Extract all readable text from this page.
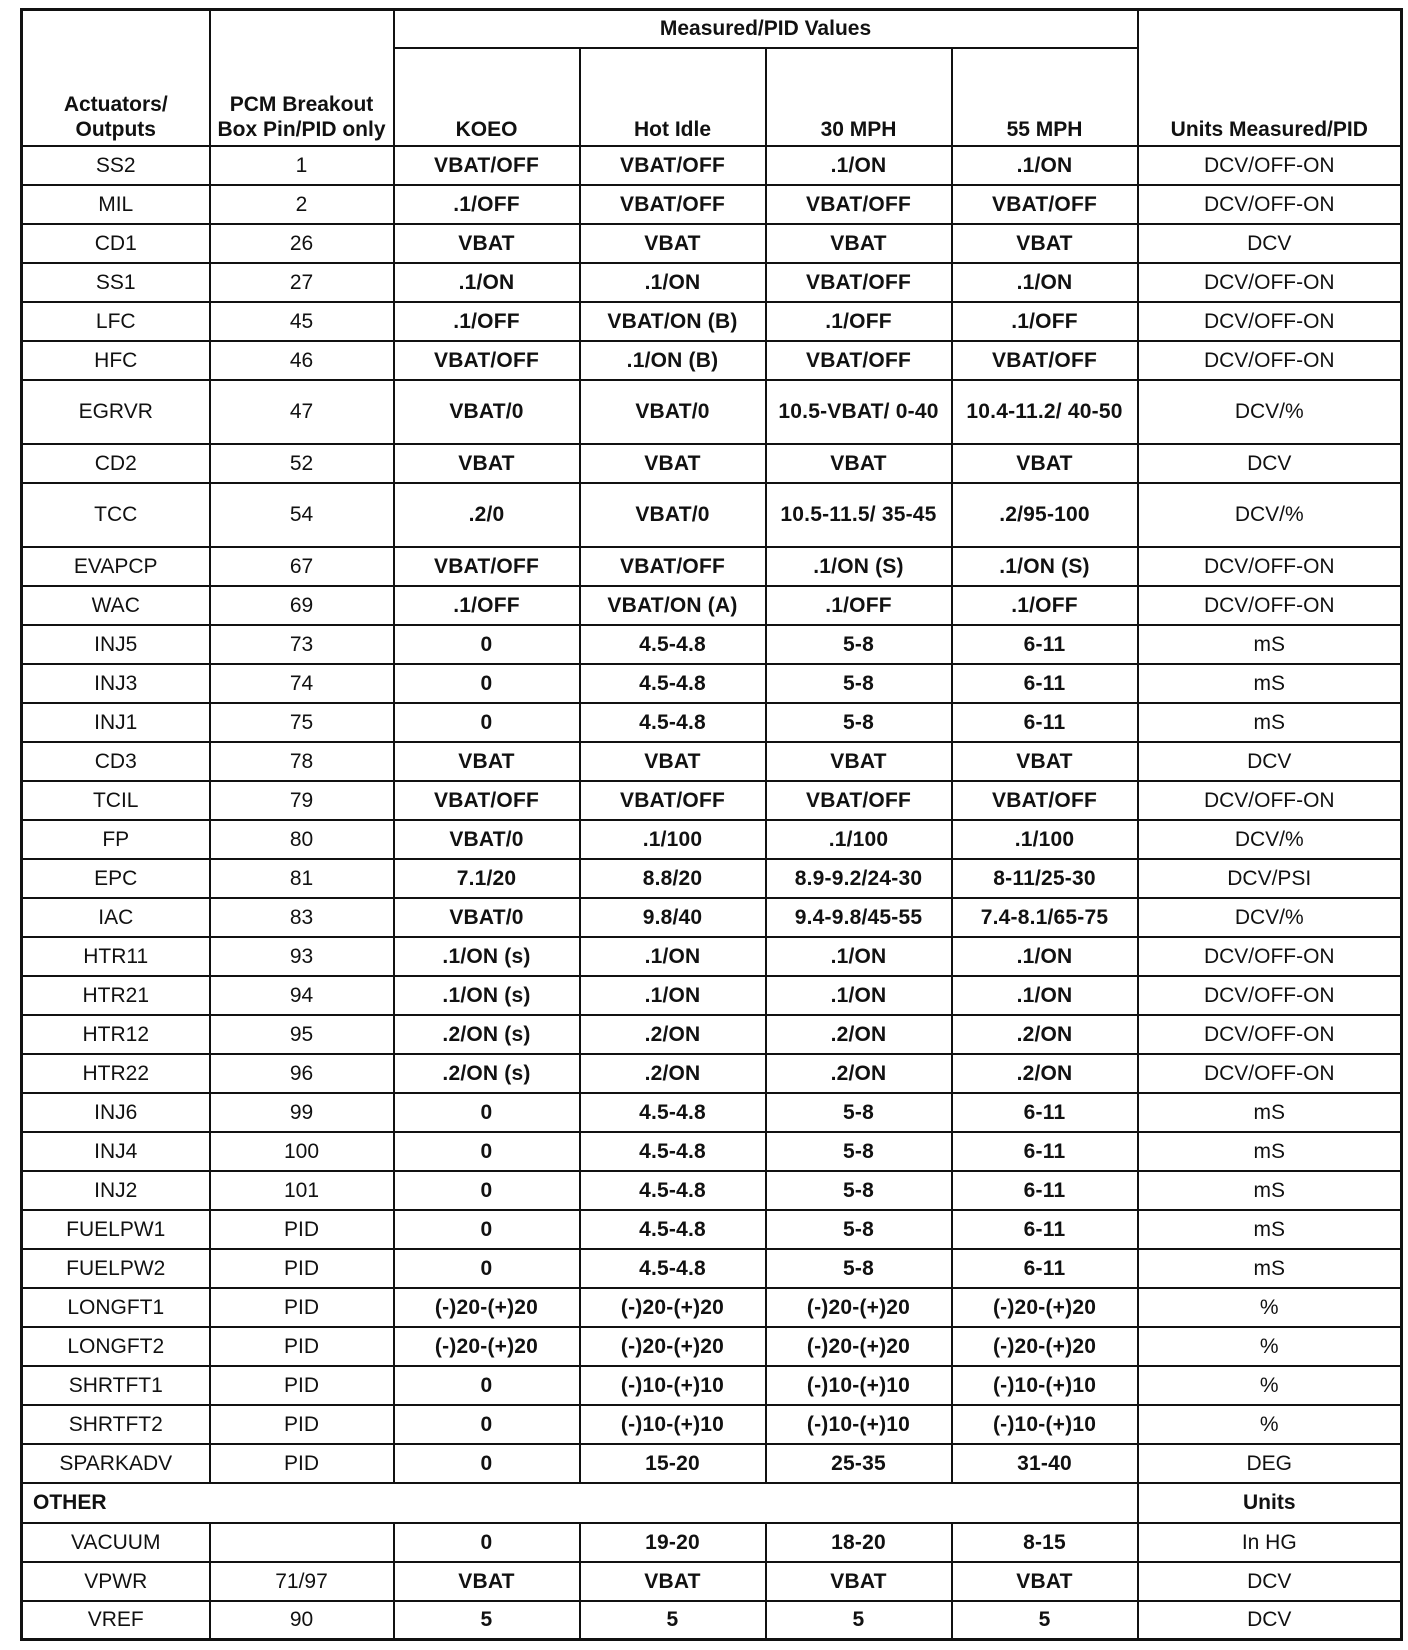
Actuators/ Outputs	PCM Breakout Box Pin/PID only	Measured/PID Values				Units Measured/PID
		KOEO	Hot Idle	30 MPH	55 MPH	
SS2	1	VBAT/OFF	VBAT/OFF	.1/ON	.1/ON	DCV/OFF-ON
MIL	2	.1/OFF	VBAT/OFF	VBAT/OFF	VBAT/OFF	DCV/OFF-ON
CD1	26	VBAT	VBAT	VBAT	VBAT	DCV
SS1	27	.1/ON	.1/ON	VBAT/OFF	.1/ON	DCV/OFF-ON
LFC	45	.1/OFF	VBAT/ON (B)	.1/OFF	.1/OFF	DCV/OFF-ON
HFC	46	VBAT/OFF	.1/ON (B)	VBAT/OFF	VBAT/OFF	DCV/OFF-ON
EGRVR	47	VBAT/0	VBAT/0	10.5-VBAT/ 0-40	10.4-11.2/ 40-50	DCV/%
CD2	52	VBAT	VBAT	VBAT	VBAT	DCV
TCC	54	.2/0	VBAT/0	10.5-11.5/ 35-45	.2/95-100	DCV/%
EVAPCP	67	VBAT/OFF	VBAT/OFF	.1/ON (S)	.1/ON (S)	DCV/OFF-ON
WAC	69	.1/OFF	VBAT/ON (A)	.1/OFF	.1/OFF	DCV/OFF-ON
INJ5	73	0	4.5-4.8	5-8	6-11	mS
INJ3	74	0	4.5-4.8	5-8	6-11	mS
INJ1	75	0	4.5-4.8	5-8	6-11	mS
CD3	78	VBAT	VBAT	VBAT	VBAT	DCV
TCIL	79	VBAT/OFF	VBAT/OFF	VBAT/OFF	VBAT/OFF	DCV/OFF-ON
FP	80	VBAT/0	.1/100	.1/100	.1/100	DCV/%
EPC	81	7.1/20	8.8/20	8.9-9.2/24-30	8-11/25-30	DCV/PSI
IAC	83	VBAT/0	9.8/40	9.4-9.8/45-55	7.4-8.1/65-75	DCV/%
HTR11	93	.1/ON (s)	.1/ON	.1/ON	.1/ON	DCV/OFF-ON
HTR21	94	.1/ON (s)	.1/ON	.1/ON	.1/ON	DCV/OFF-ON
HTR12	95	.2/ON (s)	.2/ON	.2/ON	.2/ON	DCV/OFF-ON
HTR22	96	.2/ON (s)	.2/ON	.2/ON	.2/ON	DCV/OFF-ON
INJ6	99	0	4.5-4.8	5-8	6-11	mS
INJ4	100	0	4.5-4.8	5-8	6-11	mS
INJ2	101	0	4.5-4.8	5-8	6-11	mS
FUELPW1	PID	0	4.5-4.8	5-8	6-11	mS
FUELPW2	PID	0	4.5-4.8	5-8	6-11	mS
LONGFT1	PID	(-)20-(+)20	(-)20-(+)20	(-)20-(+)20	(-)20-(+)20	%
LONGFT2	PID	(-)20-(+)20	(-)20-(+)20	(-)20-(+)20	(-)20-(+)20	%
SHRTFT1	PID	0	(-)10-(+)10	(-)10-(+)10	(-)10-(+)10	%
SHRTFT2	PID	0	(-)10-(+)10	(-)10-(+)10	(-)10-(+)10	%
SPARKADV	PID	0	15-20	25-35	31-40	DEG
OTHER						Units
VACUUM		0	19-20	18-20	8-15	In HG
VPWR	71/97	VBAT	VBAT	VBAT	VBAT	DCV
VREF	90	5	5	5	5	DCV
